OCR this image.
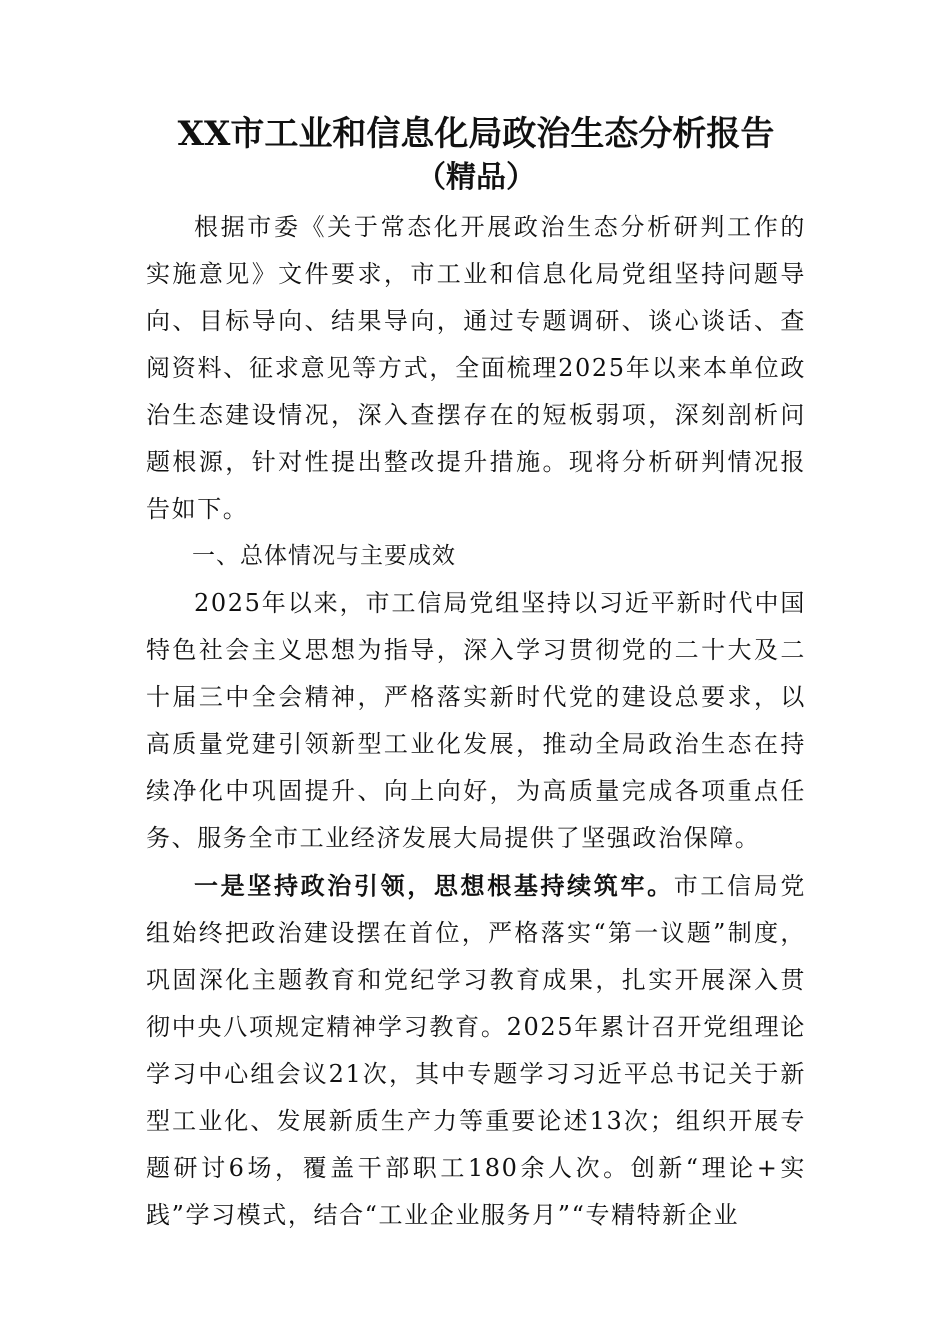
XX市工业和信息化局政治生态分析报告
（精品）

根据市委《关于常态化开展政治生态分析研判工作的实施意见》文件要求，市工业和信息化局党组坚持问题导向、目标导向、结果导向，通过专题调研、谈心谈话、查阅资料、征求意见等方式，全面梳理2025年以来本单位政治生态建设情况，深入查摆存在的短板弱项，深刻剖析问题根源，针对性提出整改提升措施。现将分析研判情况报告如下。

一、总体情况与主要成效

2025年以来，市工信局党组坚持以习近平新时代中国特色社会主义思想为指导，深入学习贯彻党的二十大及二十届三中全会精神，严格落实新时代党的建设总要求，以高质量党建引领新型工业化发展，推动全局政治生态在持续净化中巩固提升、向上向好，为高质量完成各项重点任务、服务全市工业经济发展大局提供了坚强政治保障。

一是坚持政治引领，思想根基持续筑牢。市工信局党组始终把政治建设摆在首位，严格落实“第一议题”制度，巩固深化主题教育和党纪学习教育成果，扎实开展深入贯彻中央八项规定精神学习教育。2025年累计召开党组理论学习中心组会议21次，其中专题学习习近平总书记关于新型工业化、发展新质生产力等重要论述13次；组织开展专题研讨6场，覆盖干部职工180余人次。创新“理论+实践”学习模式，结合“工业企业服务月”“专精特新企业
